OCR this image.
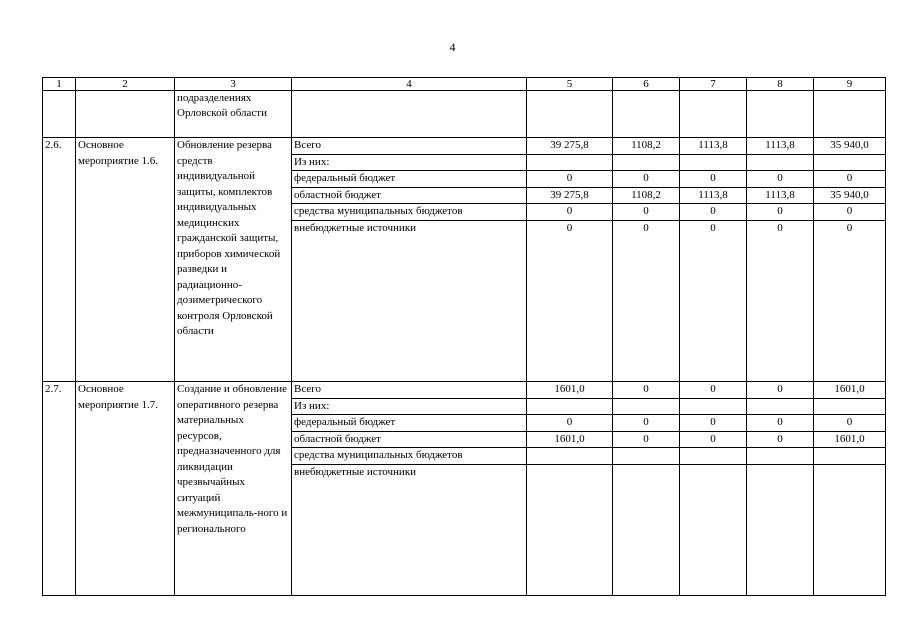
4
1	2	3	4	5	6	7	8	9
		подразделениях Орловской области						
2.6.	Основное мероприятие 1.6.	Обновление резерва средств индивидуальной защиты, комплектов индивидуальных медицинских гражданской защиты, приборов химической разведки и радиационно-дозиметрического контроля Орловской области	Всего	39 275,8	1108,2	1113,8	1113,8	35 940,0
			Из них:					
			федеральный бюджет	0	0	0	0	0
			областной бюджет	39 275,8	1108,2	1113,8	1113,8	35 940,0
			средства муниципальных бюджетов	0	0	0	0	0
			внебюджетные источники	0	0	0	0	0

2.7.	Основное мероприятие 1.7.	Создание и обновление оперативного резерва материальных ресурсов, предназначенного для ликвидации чрезвычайных ситуаций межмуниципаль-ного и регионального	Всего	1601,0	0	0	0	1601,0
			Из них:					
			федеральный бюджет	0	0	0	0	0
			областной бюджет	1601,0	0	0	0	1601,0
			средства муниципальных бюджетов					
			внебюджетные источники					
